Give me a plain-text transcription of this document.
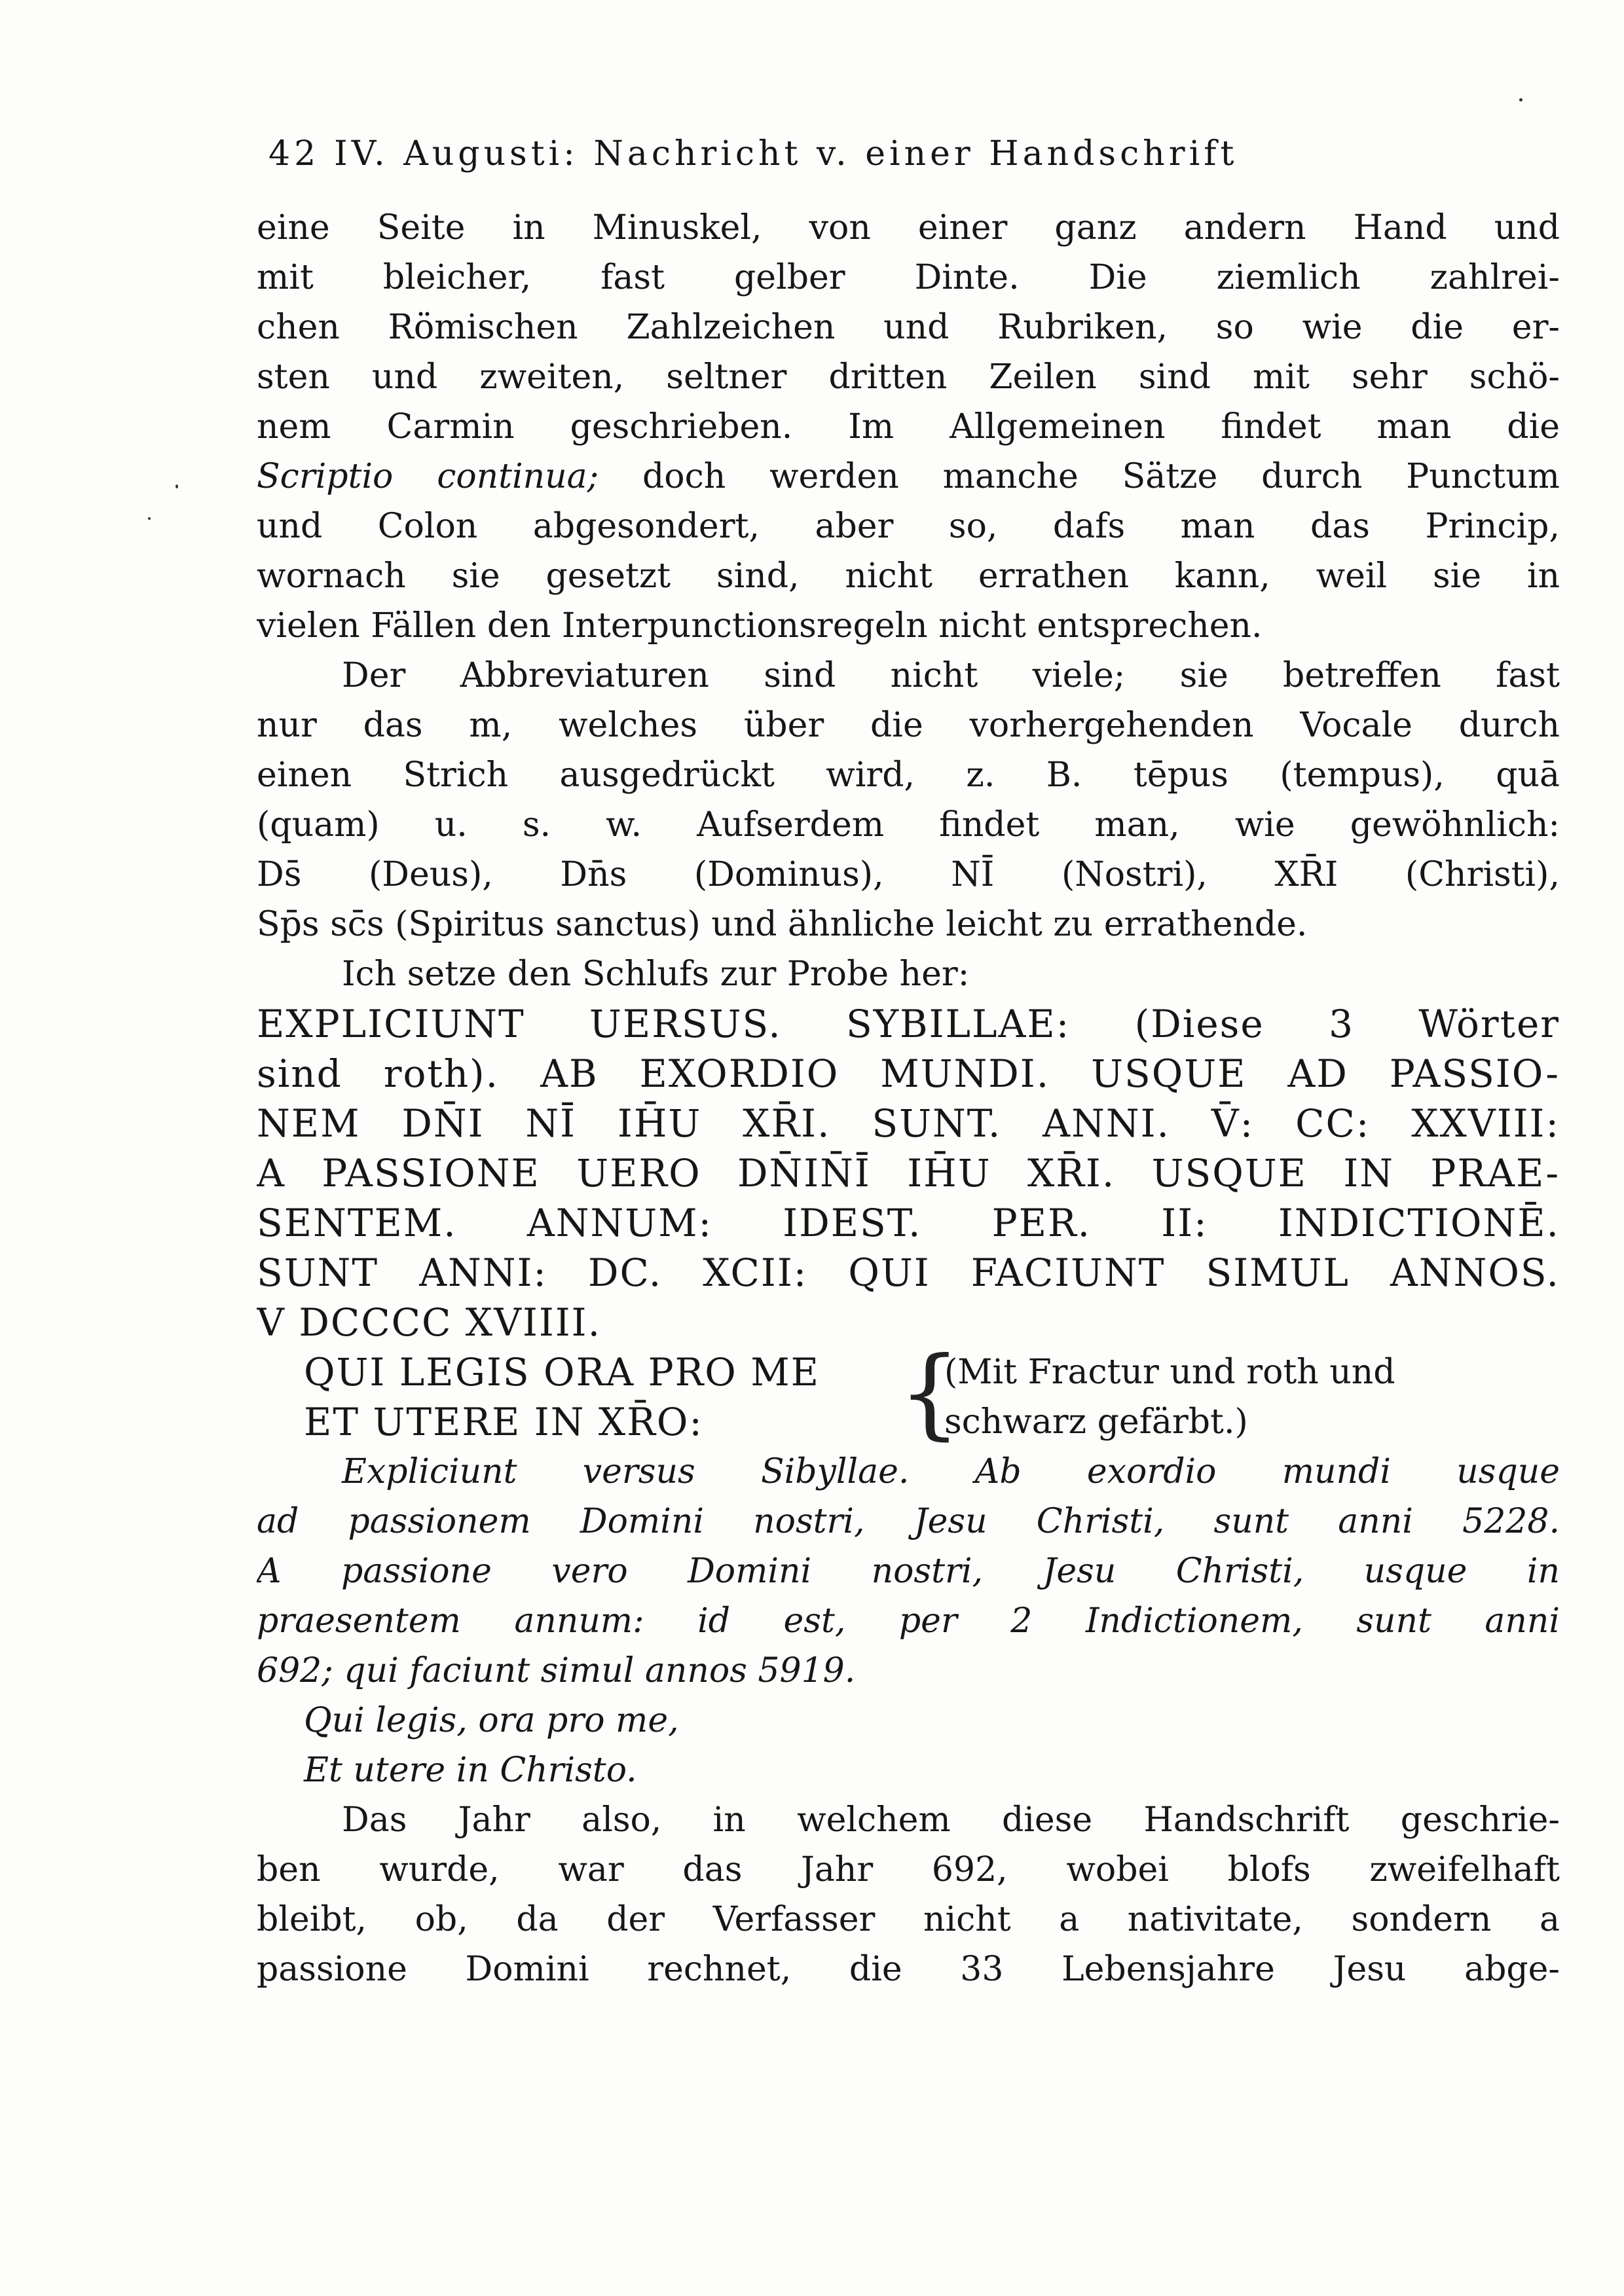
42 IV. Augusti: Nachricht v. einer Handschrift
eine Seite in Minuskel, von einer ganz andern Hand und
mit bleicher, fast gelber Dinte. Die ziemlich zahlrei-
chen Römischen Zahlzeichen und Rubriken, so wie die er-
sten und zweiten, seltner dritten Zeilen sind mit sehr schö-
nem Carmin geschrieben. Im Allgemeinen findet man die
Scriptio continua; doch werden manche Sätze durch Punctum
und Colon abgesondert, aber so, dafs man das Princip,
wornach sie gesetzt sind, nicht errathen kann, weil sie in
vielen Fällen den Interpunctionsregeln nicht entsprechen.
Der Abbreviaturen sind nicht viele; sie betreffen fast
nur das m, welches über die vorhergehenden Vocale durch
einen Strich ausgedrückt wird, z. B. tēpus (tempus), quā
(quam) u. s. w. Aufserdem findet man, wie gewöhnlich:
Ds̄ (Deus), Dn̄s (Dominus), NĪ (Nostri), XR̄I (Christi),
Sp̄s sc̄s (Spiritus sanctus) und ähnliche leicht zu errathende.
Ich setze den Schlufs zur Probe her:
EXPLICIUNT UERSUS. SYBILLAE: (Diese 3 Wörter
sind roth). AB EXORDIO MUNDI. USQUE AD PASSIO-
NEM DN̄I NĪ IH̄U XR̄I. SUNT. ANNI. V̄: CC: XXVIII:
A PASSIONE UERO DN̄IN̄Ī IH̄U XR̄I. USQUE IN PRAE-
SENTEM. ANNUM: IDEST. PER. II: INDICTIONĒ.
SUNT ANNI: DC. XCII: QUI FACIUNT SIMUL ANNOS.
V DCCCC XVIIII.
QUI LEGIS ORA PRO ME
ET UTERE IN XR̄O:	{
(Mit Fractur und roth und
schwarz gefärbt.)
Expliciunt versus Sibyllae. Ab exordio mundi usque
ad passionem Domini nostri, Jesu Christi, sunt anni 5228.
A passione vero Domini nostri, Jesu Christi, usque in
praesentem annum: id est, per 2 Indictionem, sunt anni
692; qui faciunt simul annos 5919.
Qui legis, ora pro me,
Et utere in Christo.
Das Jahr also, in welchem diese Handschrift geschrie-
ben wurde, war das Jahr 692, wobei blofs zweifelhaft
bleibt, ob, da der Verfasser nicht a nativitate, sondern a
passione Domini rechnet, die 33 Lebensjahre Jesu abge-
